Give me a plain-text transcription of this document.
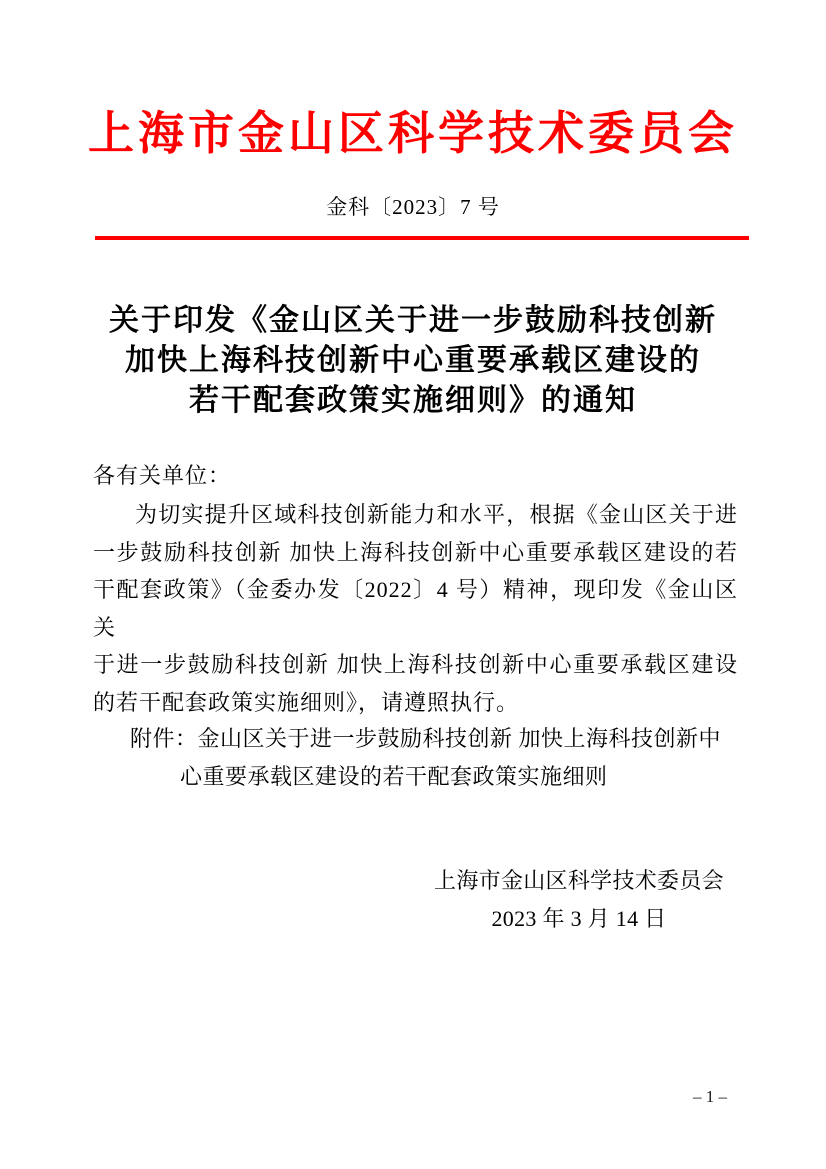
上海市金山区科学技术委员会
金科〔2023〕7 号
关于印发《金山区关于进一步鼓励科技创新
加快上海科技创新中心重要承载区建设的
若干配套政策实施细则》的通知
各有关单位：
为切实提升区域科技创新能力和水平，根据《金山区关于进
一步鼓励科技创新 加快上海科技创新中心重要承载区建设的若
干配套政策》（金委办发〔2022〕4 号）精神，现印发《金山区关
于进一步鼓励科技创新 加快上海科技创新中心重要承载区建设
的若干配套政策实施细则》，请遵照执行。
附件：金山区关于进一步鼓励科技创新 加快上海科技创新中
心重要承载区建设的若干配套政策实施细则
上海市金山区科学技术委员会
2023 年 3 月 14 日
– 1 –
